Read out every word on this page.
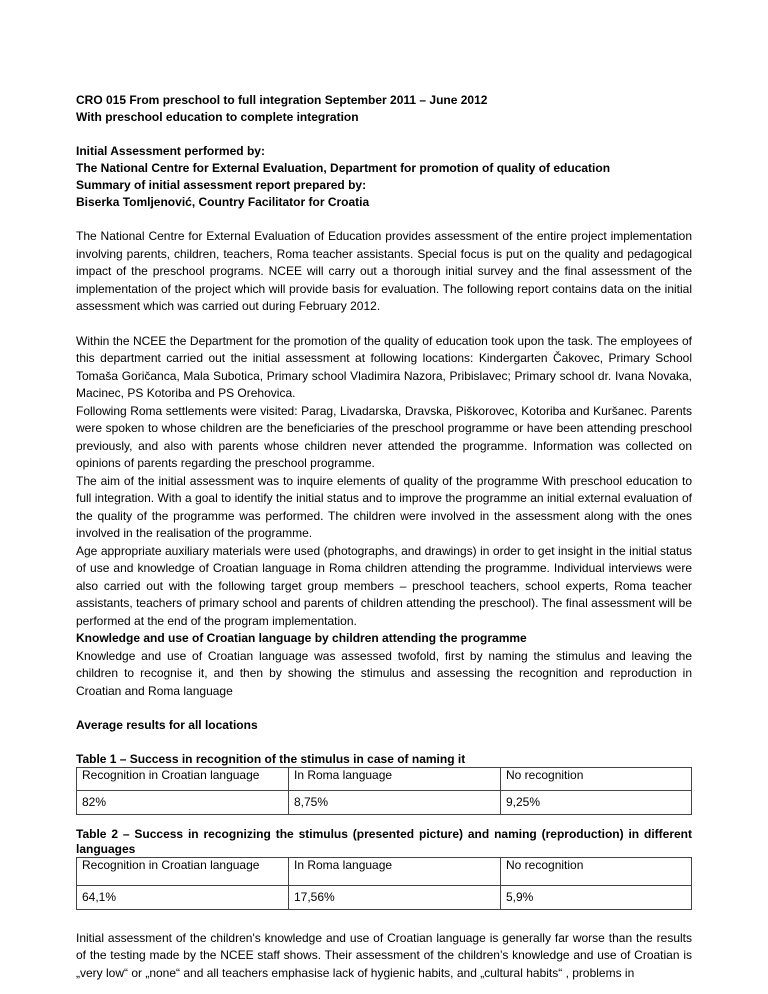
CRO 015 From preschool to full integration September 2011 – June 2012

With preschool education to complete integration

Initial Assessment performed by:

The National Centre for External Evaluation, Department for promotion of quality of education

Summary of initial assessment report prepared by:

Biserka Tomljenović, Country Facilitator for Croatia

The National Centre for External Evaluation of Education provides assessment of the entire project implementation involving parents, children, teachers, Roma teacher assistants. Special focus is put on the quality and pedagogical impact of the preschool programs. NCEE will carry out a thorough initial survey and the final assessment of the implementation of the project which will provide basis for evaluation. The following report contains data on the initial assessment which was carried out during February 2012.

Within the NCEE the Department for the promotion of the quality of education took upon the task. The employees of this department carried out the initial assessment at following locations: Kindergarten Čakovec, Primary School Tomaša Goričanca, Mala Subotica, Primary school Vladimira Nazora, Pribislavec; Primary school dr. Ivana Novaka, Macinec, PS Kotoriba and PS Orehovica.

Following Roma settlements were visited: Parag, Livadarska, Dravska, Piškorovec, Kotoriba and Kuršanec. Parents were spoken to whose children are the beneficiaries of the preschool programme or have been attending preschool previously, and also with parents whose children never attended the programme. Information was collected on opinions of parents regarding the preschool programme.

The aim of the initial assessment was to inquire elements of quality of the programme With preschool education to full integration. With a goal to identify the initial status and to improve the programme an initial external evaluation of the quality of the programme was performed. The children were involved in the assessment along with the ones involved in the realisation of the programme.

Age appropriate auxiliary materials were used (photographs, and drawings) in order to get insight in the initial status of use and knowledge of Croatian language in Roma children attending the programme. Individual interviews were also carried out with the following target group members – preschool teachers, school experts, Roma teacher assistants, teachers of primary school and parents of children attending the preschool). The final assessment will be performed at the end of the program implementation.

Knowledge and use of Croatian language by children attending the programme

Knowledge and use of Croatian language was assessed twofold, first by naming the stimulus and leaving the children to recognise it, and then by showing the stimulus and assessing the recognition and reproduction in Croatian and Roma language

Average results for all locations

Table 1 – Success in recognition of the stimulus in case of naming it

Recognition in Croatian language	In Roma language	No recognition
82%	8,75%	9,25%

Table 2 – Success in recognizing the stimulus (presented picture) and naming (reproduction) in different languages

Recognition in Croatian language	In Roma language	No recognition
64,1%	17,56%	5,9%

Initial assessment of the children's knowledge and use of Croatian language is generally far worse than the results of the testing made by the NCEE staff shows. Their assessment of the children’s knowledge and use of Croatian is „very low“ or „none“ and all teachers emphasise lack of hygienic habits, and „cultural habits“ , problems in
